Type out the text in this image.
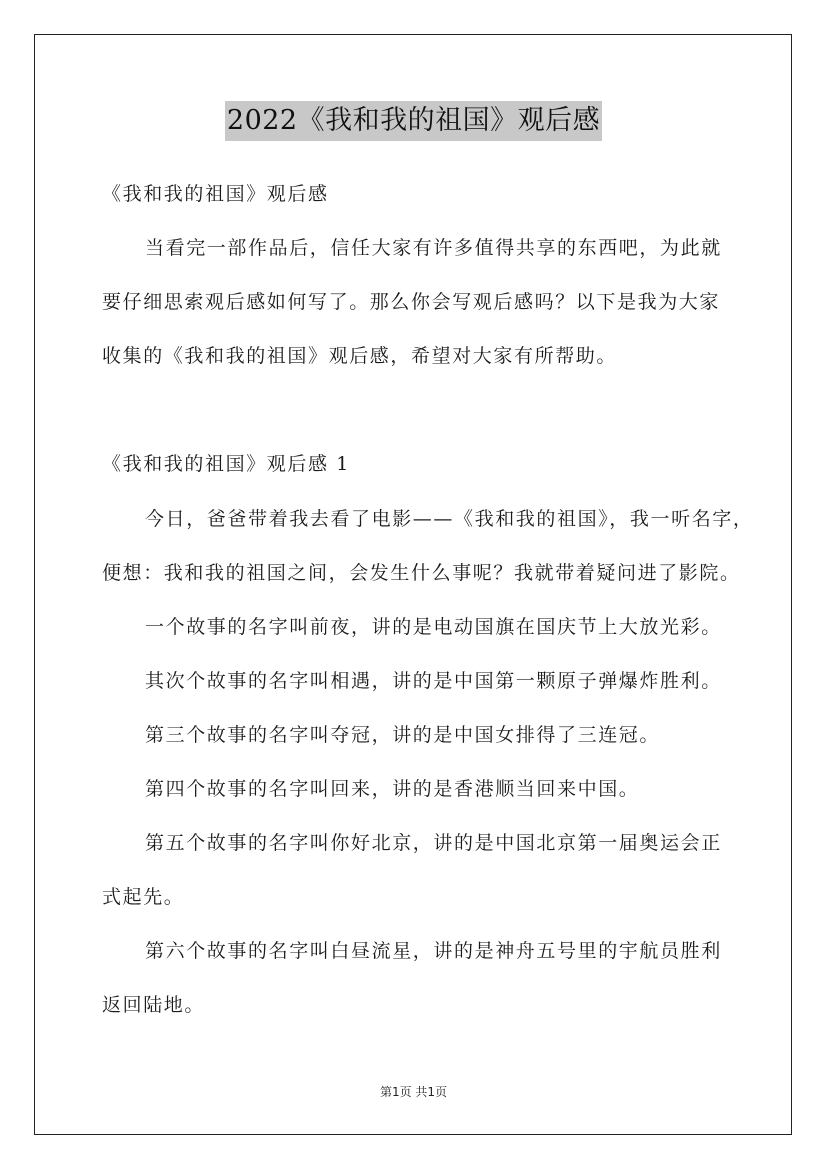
2022《我和我的祖国》观后感
《我和我的祖国》观后感
当看完一部作品后，信任大家有许多值得共享的东西吧，为此就
要仔细思索观后感如何写了。那么你会写观后感吗？以下是我为大家
收集的《我和我的祖国》观后感，希望对大家有所帮助。
《我和我的祖国》观后感 1
今日，爸爸带着我去看了电影——《我和我的祖国》，我一听名字，
便想：我和我的祖国之间，会发生什么事呢？我就带着疑问进了影院。
一个故事的名字叫前夜，讲的是电动国旗在国庆节上大放光彩。
其次个故事的名字叫相遇，讲的是中国第一颗原子弹爆炸胜利。
第三个故事的名字叫夺冠，讲的是中国女排得了三连冠。
第四个故事的名字叫回来，讲的是香港顺当回来中国。
第五个故事的名字叫你好北京，讲的是中国北京第一届奥运会正
式起先。
第六个故事的名字叫白昼流星，讲的是神舟五号里的宇航员胜利
返回陆地。
第1页 共1页
